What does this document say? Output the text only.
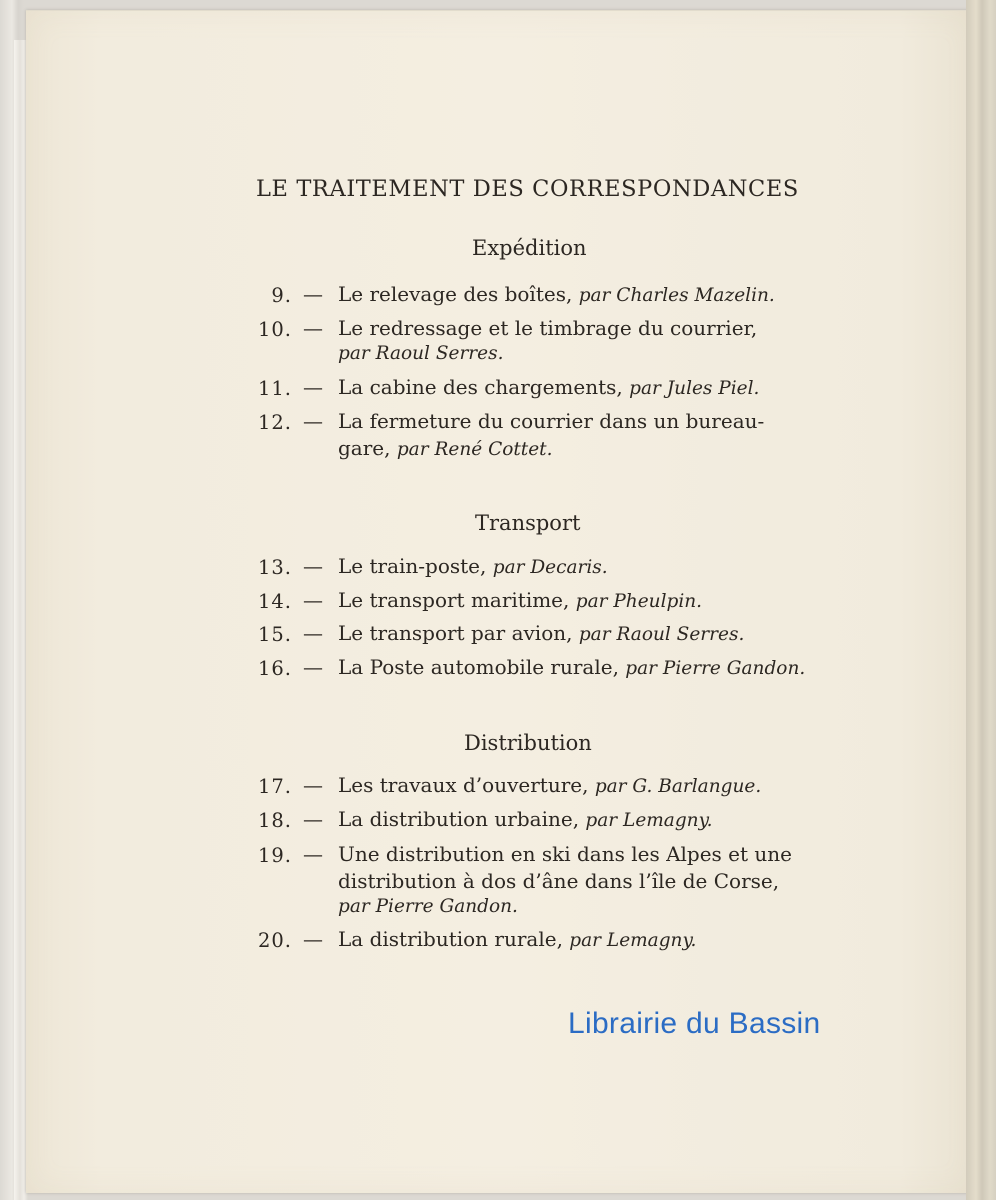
LE TRAITEMENT DES CORRESPONDANCES
Expédition
9. — Le relevage des boîtes, par Charles Mazelin.
10. — Le redressage et le timbrage du courrier,
par Raoul Serres.
11. — La cabine des chargements, par Jules Piel.
12. — La fermeture du courrier dans un bureau-
gare, par René Cottet.
Transport
13. — Le train-poste, par Decaris.
14. — Le transport maritime, par Pheulpin.
15. — Le transport par avion, par Raoul Serres.
16. — La Poste automobile rurale, par Pierre Gandon.
Distribution
17. — Les travaux d’ouverture, par G. Barlangue.
18. — La distribution urbaine, par Lemagny.
19. — Une distribution en ski dans les Alpes et une
distribution à dos d’âne dans l’île de Corse,
par Pierre Gandon.
20. — La distribution rurale, par Lemagny.
Librairie du Bassin
